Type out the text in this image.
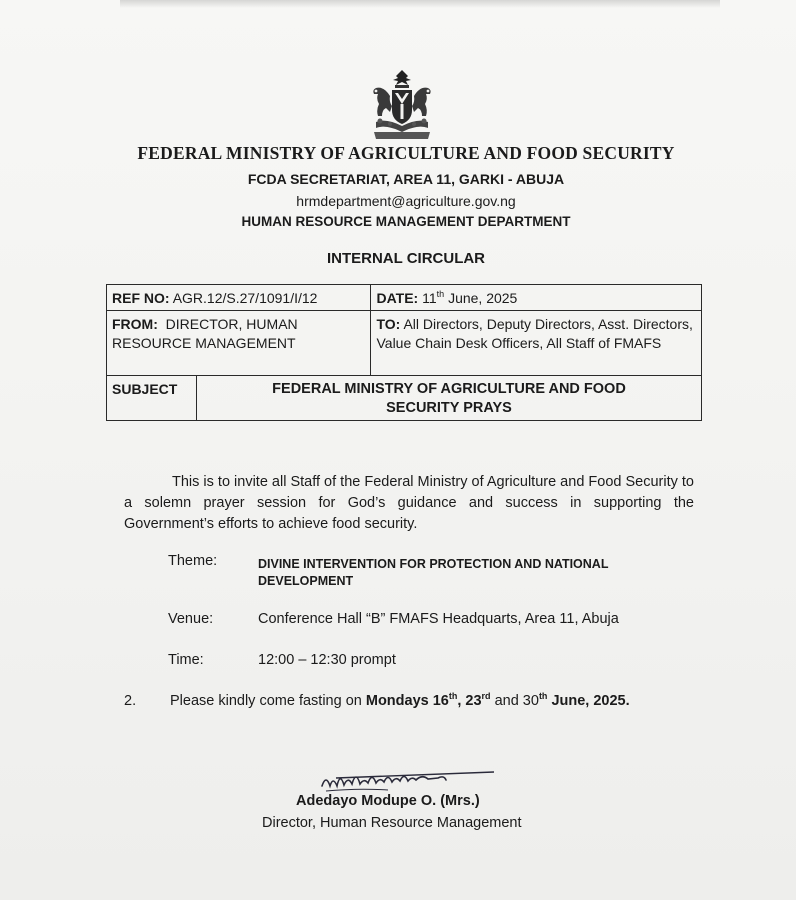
FEDERAL MINISTRY OF AGRICULTURE AND FOOD SECURITY
FCDA SECRETARIAT, AREA 11, GARKI - ABUJA
hrmdepartment@agriculture.gov.ng
HUMAN RESOURCE MANAGEMENT DEPARTMENT
INTERNAL CIRCULAR
REF NO: AGR.12/S.27/1091/I/12		DATE: 11th June, 2025
FROM: DIRECTOR, HUMAN RESOURCE MANAGEMENT		TO: All Directors, Deputy Directors, Asst. Directors, Value Chain Desk Officers, All Staff of FMAFS
SUBJECT	FEDERAL MINISTRY OF AGRICULTURE AND FOOD
SECURITY PRAYS	
This is to invite all Staff of the Federal Ministry of Agriculture and Food Security to a solemn prayer session for God’s guidance and success in supporting the Government’s efforts to achieve food security.
Theme:	DIVINE INTERVENTION FOR PROTECTION AND NATIONAL DEVELOPMENT
Venue:	Conference Hall “B” FMAFS Headquarts, Area 11, Abuja
Time:	12:00 – 12:30 prompt
2. Please kindly come fasting on Mondays 16th, 23rd and 30th June, 2025.
Adedayo Modupe O. (Mrs.)
Director, Human Resource Management
